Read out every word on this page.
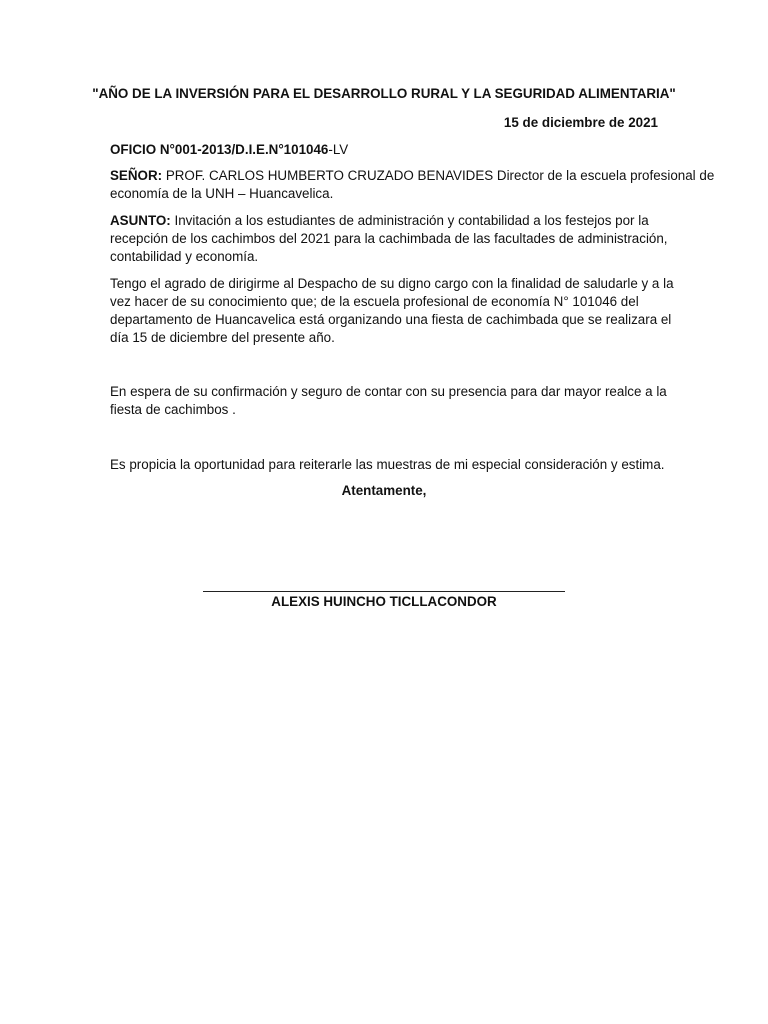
"AÑO DE LA INVERSIÓN PARA EL DESARROLLO RURAL Y LA SEGURIDAD ALIMENTARIA"
15 de diciembre de 2021
OFICIO N°001-2013/D.I.E.N°101046-LV
SEÑOR: PROF. CARLOS HUMBERTO CRUZADO BENAVIDES Director de la escuela profesional de
economía de la UNH – Huancavelica.
ASUNTO: Invitación a los estudiantes de administración y contabilidad a los festejos por la
recepción de los cachimbos del 2021 para la cachimbada de las facultades de administración,
contabilidad y economía.
Tengo el agrado de dirigirme al Despacho de su digno cargo con la finalidad de saludarle y a la
vez hacer de su conocimiento que; de la escuela profesional de economía N° 101046 del
departamento de Huancavelica está organizando una fiesta de cachimbada que se realizara el
día 15 de diciembre del presente año.
En espera de su confirmación y seguro de contar con su presencia para dar mayor realce a la
fiesta de cachimbos .
Es propicia la oportunidad para reiterarle las muestras de mi especial consideración y estima.
Atentamente,
ALEXIS HUINCHO TICLLACONDOR
